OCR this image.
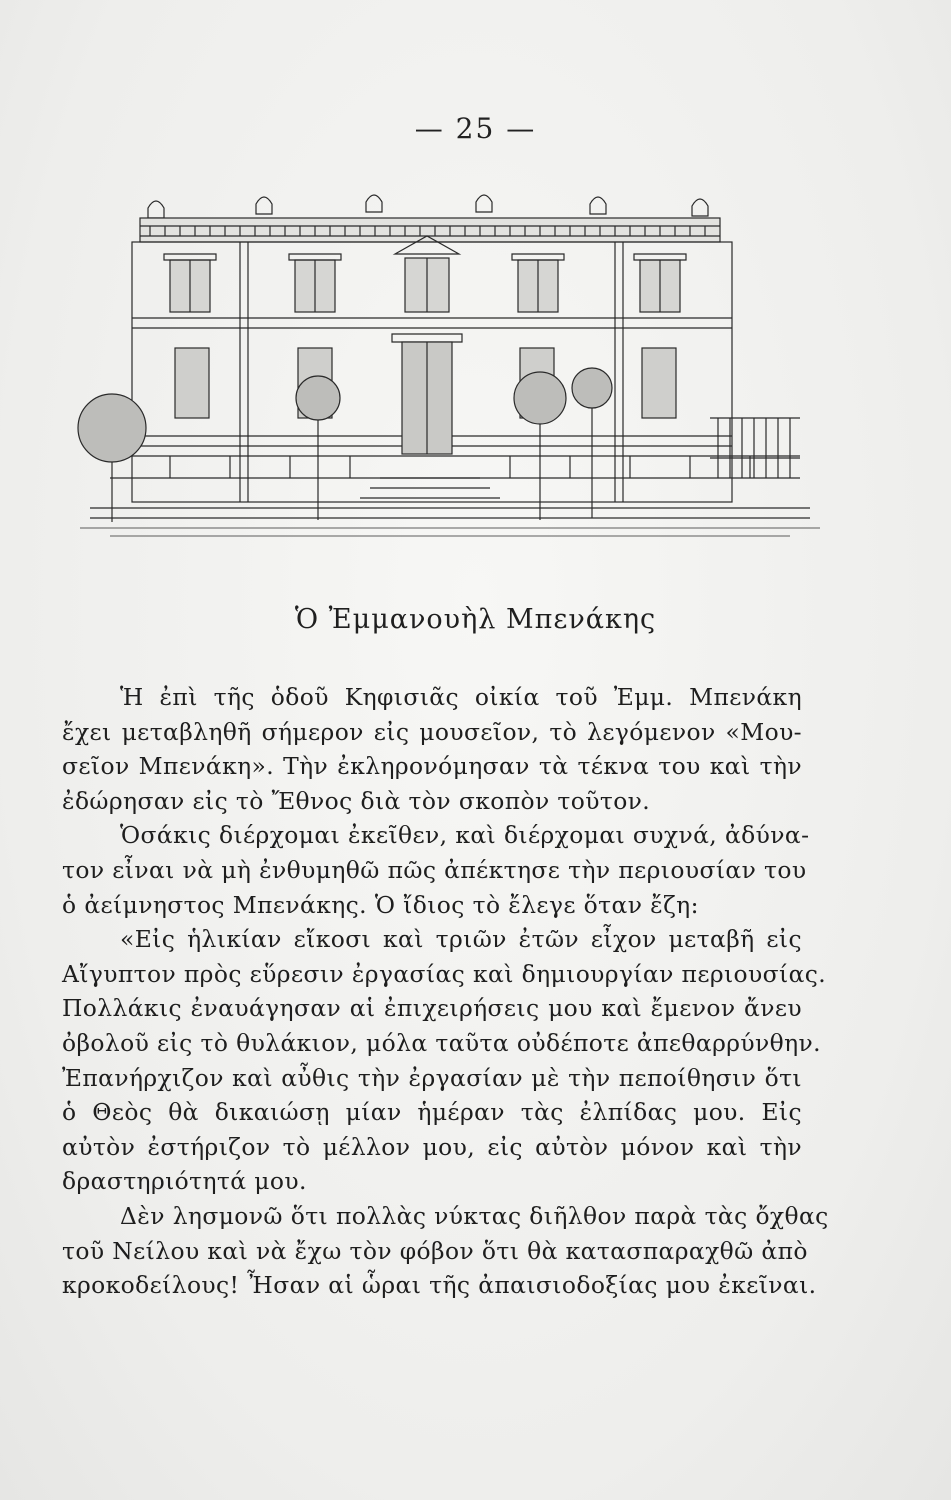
— 25 —
Ὁ Ἐμμανουὴλ Μπενάκης
Ἡ ἐπὶ τῆς ὁδοῦ Κηφισιᾶς οἰκία τοῦ Ἐμμ. Μπενάκη
ἔχει μεταβληθῆ σήμερον εἰς μουσεῖον, τὸ λεγόμενον «Μου-
σεῖον Μπενάκη». Τὴν ἐκληρονόμησαν τὰ τέκνα του καὶ τὴν
ἐδώρησαν εἰς τὸ Ἔθνος διὰ τὸν σκοπὸν τοῦτον.
Ὁσάκις διέρχομαι ἐκεῖθεν, καὶ διέρχομαι συχνά, ἀδύνα-
τον εἶναι νὰ μὴ ἐνθυμηθῶ πῶς ἀπέκτησε τὴν περιουσίαν του
ὁ ἀείμνηστος Μπενάκης. Ὁ ἴδιος τὸ ἔλεγε ὅταν ἔζη:
«Εἰς ἡλικίαν εἴκοσι καὶ τριῶν ἐτῶν εἶχον μεταβῆ εἰς
Αἴγυπτον πρὸς εὕρεσιν ἐργασίας καὶ δημιουργίαν περιουσίας.
Πολλάκις ἐναυάγησαν αἱ ἐπιχειρήσεις μου καὶ ἔμενον ἄνευ
ὀβολοῦ εἰς τὸ θυλάκιον, μόλα ταῦτα οὐδέποτε ἀπεθαρρύνθην.
Ἐπανήρχιζον καὶ αὖθις τὴν ἐργασίαν μὲ τὴν πεποίθησιν ὅτι
ὁ Θεὸς θὰ δικαιώσῃ μίαν ἡμέραν τὰς ἐλπίδας μου. Εἰς
αὐτὸν ἐστήριζον τὸ μέλλον μου, εἰς αὐτὸν μόνον καὶ τὴν
δραστηριότητά μου.
Δὲν λησμονῶ ὅτι πολλὰς νύκτας διῆλθον παρὰ τὰς ὄχθας
τοῦ Νείλου καὶ νὰ ἔχω τὸν φόβον ὅτι θὰ κατασπαραχθῶ ἀπὸ
κροκοδείλους! Ἦσαν αἱ ὧραι τῆς ἀπαισιοδοξίας μου ἐκεῖναι.
